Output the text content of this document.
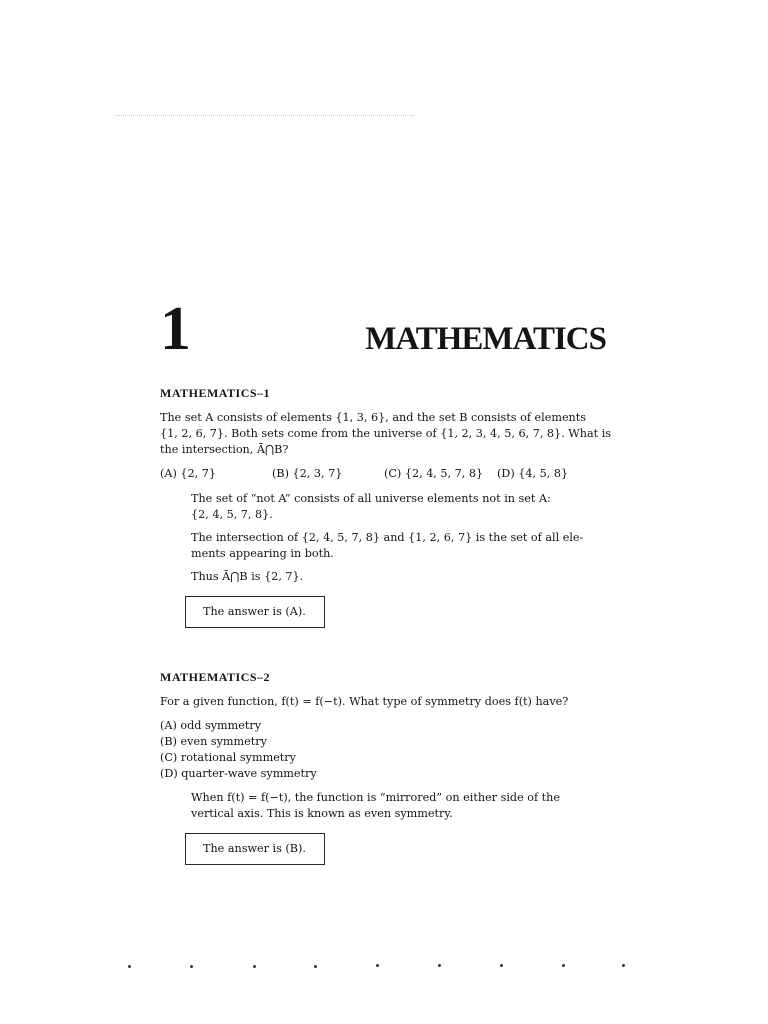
1	MATHEMATICS
MATHEMATICS–1

The set A consists of elements {1, 3, 6}, and the set B consists of elements
{1, 2, 6, 7}. Both sets come from the universe of {1, 2, 3, 4, 5, 6, 7, 8}. What is
the intersection, Ā⋂B?

(A) {2, 7}	(B) {2, 3, 7}	(C) {2, 4, 5, 7, 8}	(D) {4, 5, 8}

The set of “not A” consists of all universe elements not in set A:
{2, 4, 5, 7, 8}.

The intersection of {2, 4, 5, 7, 8} and {1, 2, 6, 7} is the set of all ele-
ments appearing in both.

Thus Ā⋂B is {2, 7}.

The answer is (A).
MATHEMATICS–2

For a given function, f(t) = f(−t). What type of symmetry does f(t) have?

(A) odd symmetry
(B) even symmetry
(C) rotational symmetry
(D) quarter-wave symmetry

When f(t) = f(−t), the function is “mirrored” on either side of the
vertical axis. This is known as even symmetry.

The answer is (B).
